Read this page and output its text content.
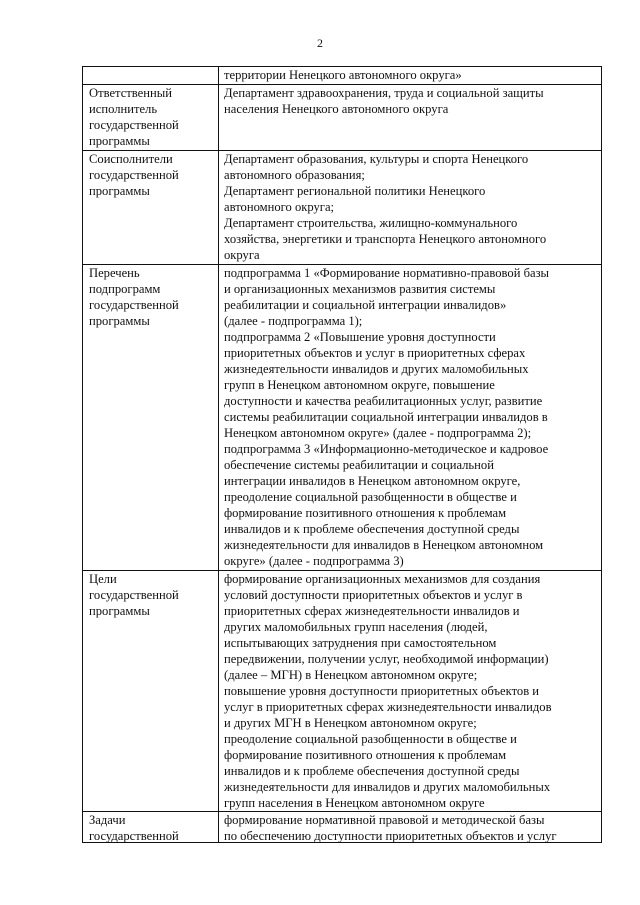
2
территории Ненецкого автономного округа»
Ответственный
исполнитель
государственной
программы
Департамент здравоохранения, труда и социальной защиты
населения Ненецкого автономного округа
Соисполнители
государственной
программы
Департамент образования, культуры и спорта Ненецкого
автономного образования;
Департамент региональной политики Ненецкого
автономного округа;
Департамент строительства, жилищно-коммунального
хозяйства, энергетики и транспорта Ненецкого автономного
округа
Перечень
подпрограмм
государственной
программы
подпрограмма 1 «Формирование нормативно-правовой базы
и организационных механизмов развития системы
реабилитации и социальной интеграции инвалидов»
(далее - подпрограмма 1);
подпрограмма 2 «Повышение уровня доступности
приоритетных объектов и услуг в приоритетных сферах
жизнедеятельности инвалидов и других маломобильных
групп в Ненецком автономном округе, повышение
доступности и качества реабилитационных услуг, развитие
системы реабилитации социальной интеграции инвалидов в
Ненецком автономном округе» (далее - подпрограмма 2);
подпрограмма 3 «Информационно-методическое и кадровое
обеспечение системы реабилитации и социальной
интеграции инвалидов в Ненецком автономном округе,
преодоление социальной разобщенности в обществе и
формирование позитивного отношения к проблемам
инвалидов и к проблеме обеспечения доступной среды
жизнедеятельности для инвалидов в Ненецком автономном
округе» (далее - подпрограмма 3)
Цели
государственной
программы
формирование организационных механизмов для создания
условий доступности приоритетных объектов и услуг в
приоритетных сферах жизнедеятельности инвалидов и
других маломобильных групп населения (людей,
испытывающих затруднения при самостоятельном
передвижении, получении услуг, необходимой информации)
(далее – МГН) в Ненецком автономном округе;
повышение уровня доступности приоритетных объектов и
услуг в приоритетных сферах жизнедеятельности инвалидов
и других МГН в Ненецком автономном округе;
преодоление социальной разобщенности в обществе и
формирование позитивного отношения к проблемам
инвалидов и к проблеме обеспечения доступной среды
жизнедеятельности для инвалидов и других маломобильных
групп населения в Ненецком автономном округе
Задачи
государственной
формирование нормативной правовой и методической базы
по обеспечению доступности приоритетных объектов и услуг
